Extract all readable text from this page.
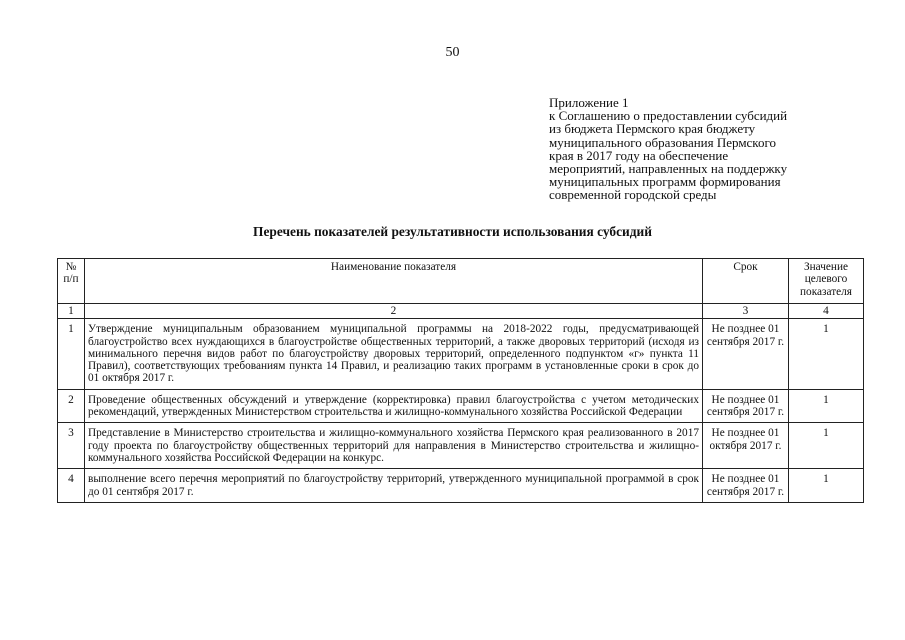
50
Приложение 1
к Соглашению о предоставлении субсидий
из бюджета Пермского края бюджету
муниципального образования Пермского
края в 2017 году на обеспечение
мероприятий, направленных на поддержку
муниципальных программ формирования
современной городской среды
Перечень показателей результативности использования субсидий
№ п/п	Наименование показателя	Срок	Значение целевого показателя
1	2	3	4
1	Утверждение муниципальным образованием муниципальной программы на 2018-2022 годы, предусматривающей благоустройство всех нуждающихся в благоустройстве общественных территорий, а также дворовых территорий (исходя из минимального перечня видов работ по благоустройству дворовых территорий, определенного подпунктом «г» пункта 11 Правил), соответствующих требованиям пункта 14 Правил, и реализацию таких программ в установленные сроки в срок до 01 октября 2017 г.	Не позднее 01 сентября 2017 г.	1
2	Проведение общественных обсуждений и утверждение (корректировка) правил благоустройства с учетом методических рекомендаций, утвержденных Министерством строительства и жилищно-коммунального хозяйства Российской Федерации	Не позднее 01 сентября 2017 г.	1
3	Представление в Министерство строительства и жилищно-коммунального хозяйства Пермского края реализованного в 2017 году проекта по благоустройству общественных территорий для направления в Министерство строительства и жилищно-коммунального хозяйства Российской Федерации на конкурс.	Не позднее 01 октября 2017 г.	1
4	выполнение всего перечня мероприятий по благоустройству территорий, утвержденного муниципальной программой в срок до 01 сентября 2017 г.	Не позднее 01 сентября 2017 г.	1
